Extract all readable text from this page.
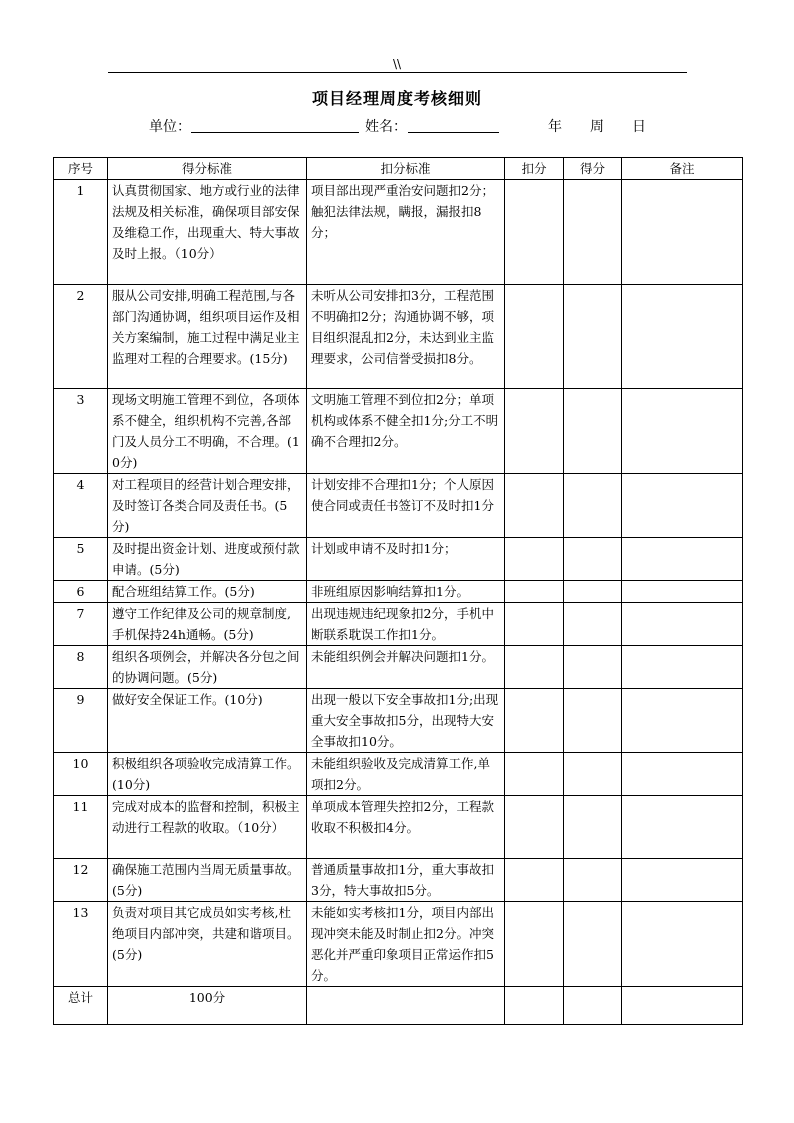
\\
项目经理周度考核细则
单位：	姓名：	年 周 日
序号	得分标准	扣分标准	扣分	得分	备注
1	认真贯彻国家、地方或行业的法律法规及相关标准，确保项目部安保及维稳工作，出现重大、特大事故及时上报。（10分）	项目部出现严重治安问题扣2分；触犯法律法规，瞒报，漏报扣8分；			
2	服从公司安排,明确工程范围,与各部门沟通协调，组织项目运作及相关方案编制，施工过程中满足业主监理对工程的合理要求。(15分)	未听从公司安排扣3分，工程范围不明确扣2分；沟通协调不够，项目组织混乱扣2分，未达到业主监理要求，公司信誉受损扣8分。			
3	现场文明施工管理不到位，各项体系不健全，组织机构不完善,各部门及人员分工不明确，不合理。(10分)	文明施工管理不到位扣2分；单项机构或体系不健全扣1分;分工不明确不合理扣2分。			
4	对工程项目的经营计划合理安排，及时签订各类合同及责任书。(5分)	计划安排不合理扣1分；个人原因使合同或责任书签订不及时扣1分			
5	及时提出资金计划、进度或预付款申请。(5分)	计划或申请不及时扣1分；			
6	配合班组结算工作。(5分)	非班组原因影响结算扣1分。			
7	遵守工作纪律及公司的规章制度,手机保持24h通畅。(5分)	出现违规违纪现象扣2分，手机中断联系耽误工作扣1分。			
8	组织各项例会，并解决各分包之间的协调问题。(5分)	未能组织例会并解决问题扣1分。			
9	做好安全保证工作。(10分)	出现一般以下安全事故扣1分;出现重大安全事故扣5分，出现特大安全事故扣10分。			
10	积极组织各项验收完成清算工作。(10分)	未能组织验收及完成清算工作,单项扣2分。			
11	完成对成本的监督和控制，积极主动进行工程款的收取。（10分）	单项成本管理失控扣2分，工程款收取不积极扣4分。			
12	确保施工范围内当周无质量事故。(5分)	普通质量事故扣1分，重大事故扣3分，特大事故扣5分。			
13	负责对项目其它成员如实考核,杜绝项目内部冲突，共建和谐项目。(5分)	未能如实考核扣1分，项目内部出现冲突未能及时制止扣2分。冲突恶化并严重印象项目正常运作扣5分。			
总计	100分				
